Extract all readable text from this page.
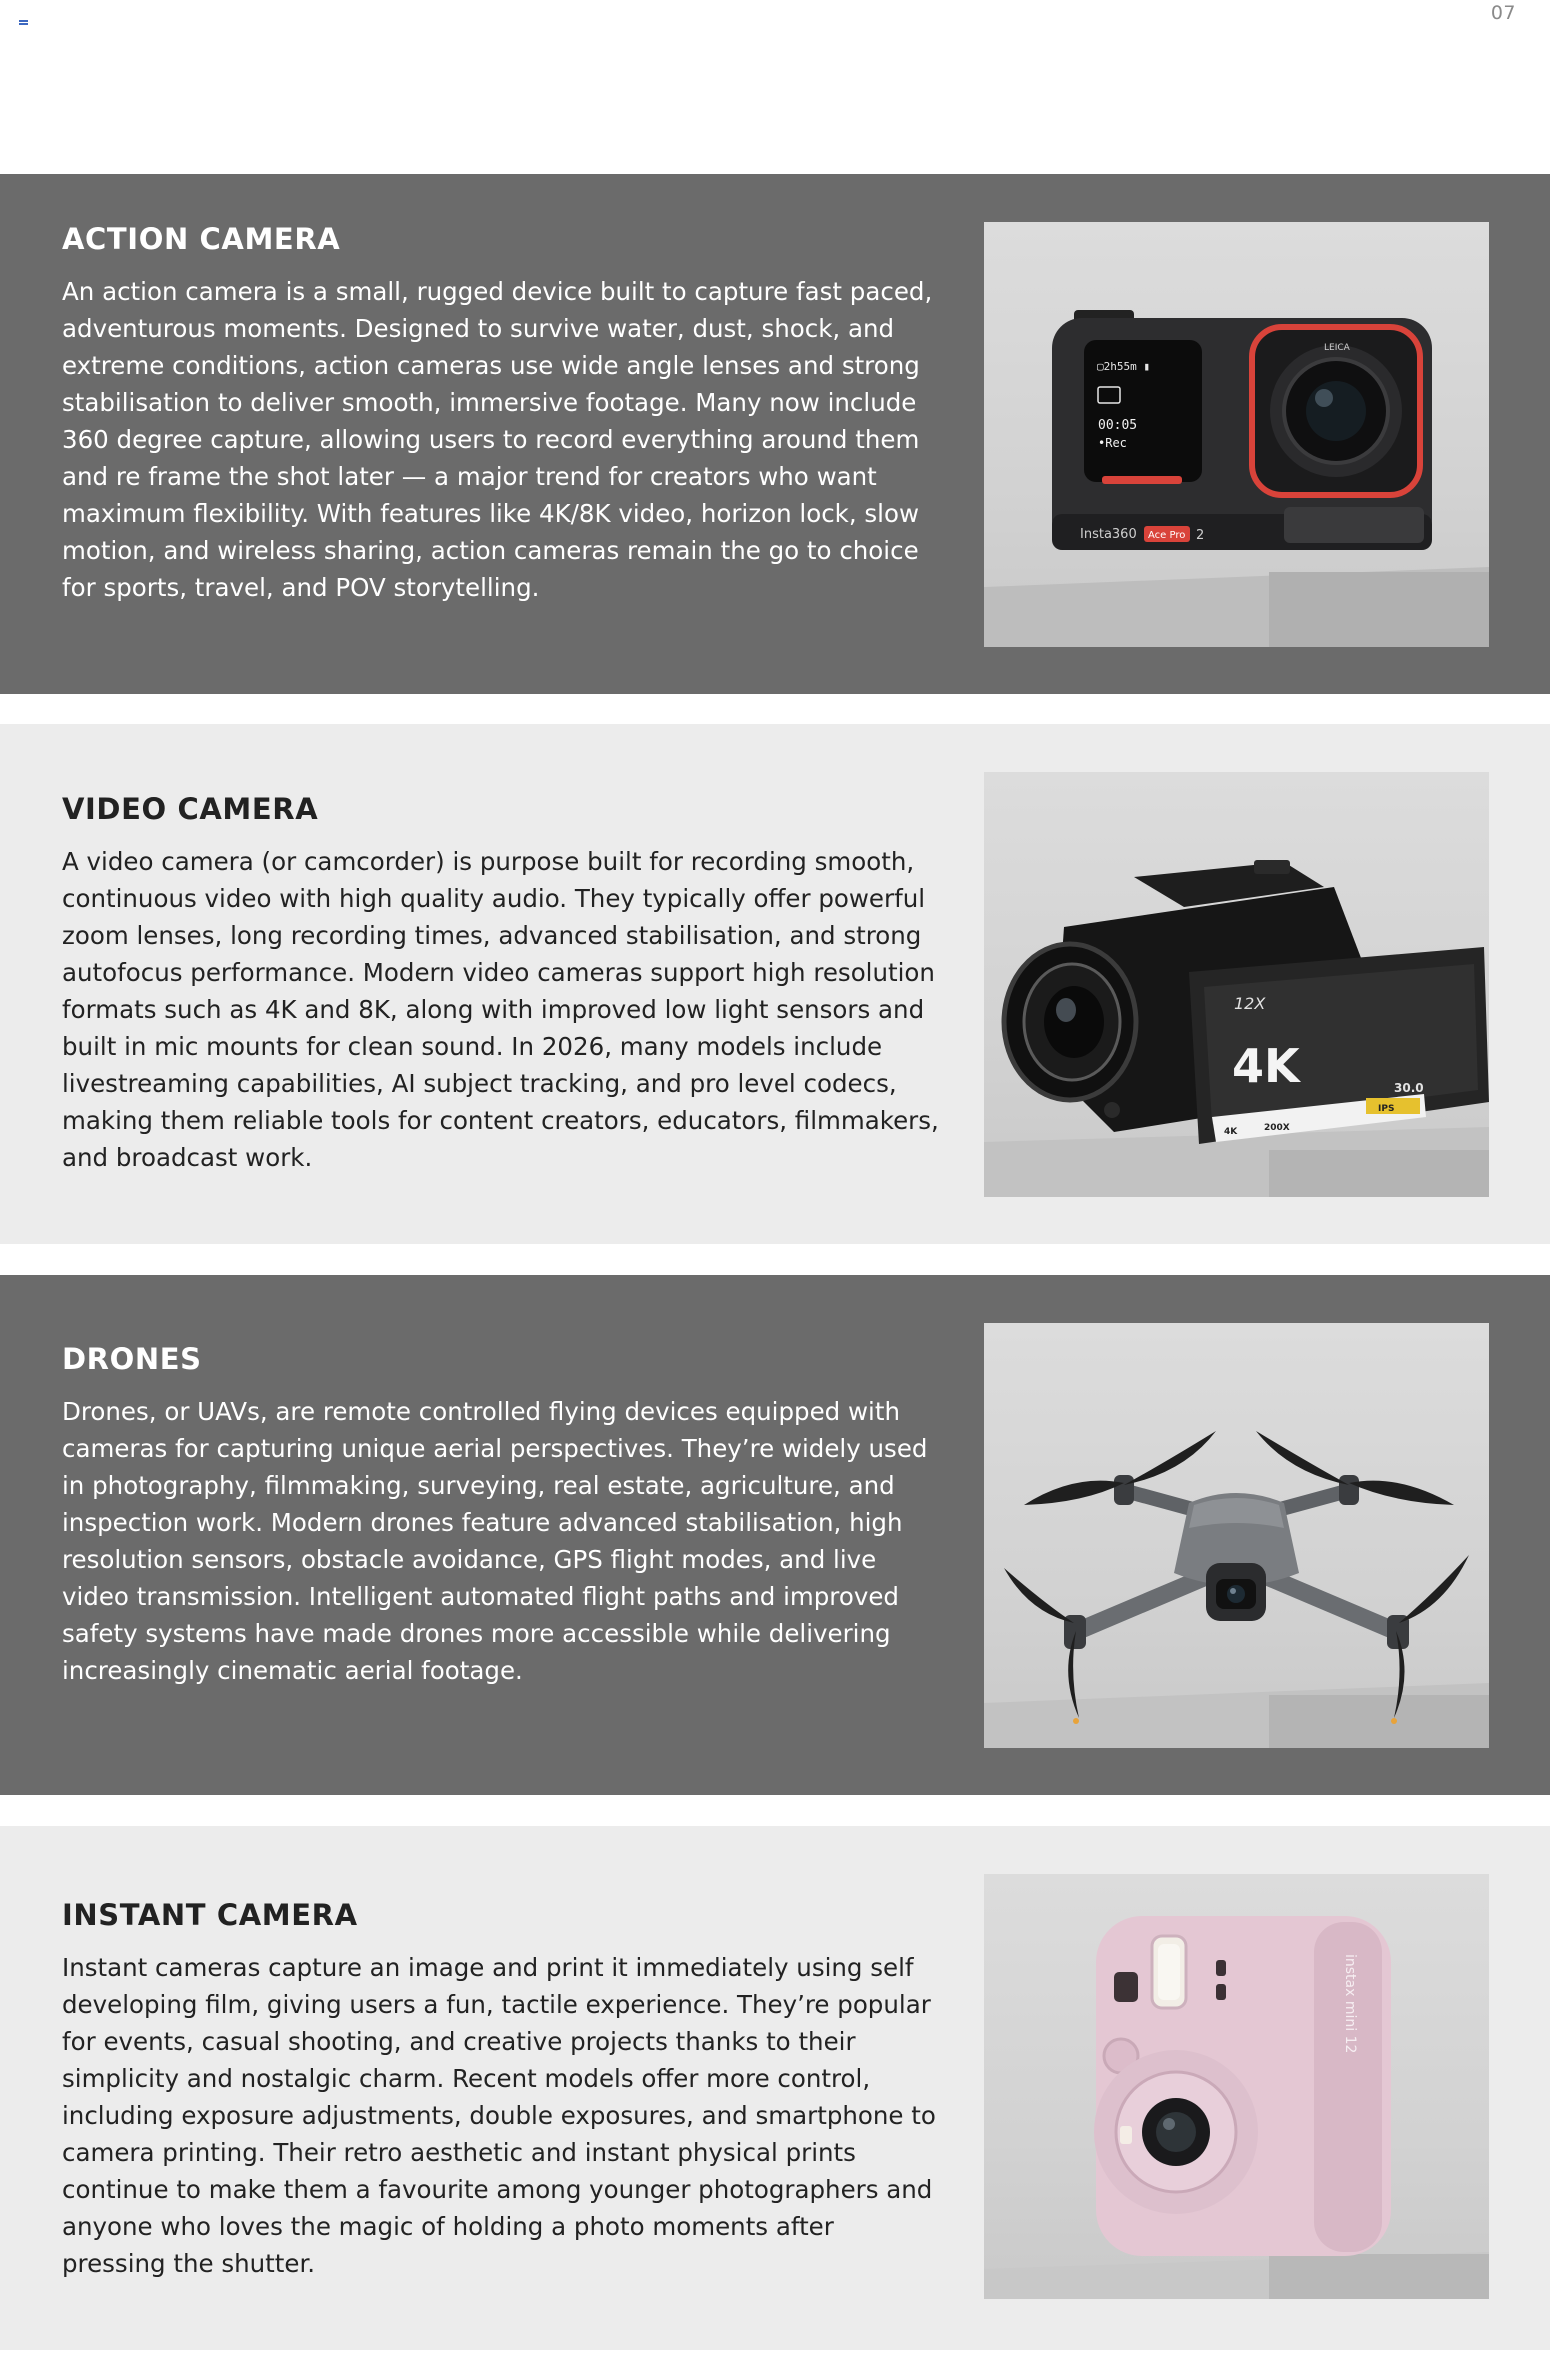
07
ACTION CAMERA

An action camera is a small, rugged device built to capture fast paced, adventurous moments. Designed to survive water, dust, shock, and extreme conditions, action cameras use wide angle lenses and strong stabilisation to deliver smooth, immersive footage. Many now include 360 degree capture, allowing users to record everything around them and re frame the shot later — a major trend for creators who want maximum flexibility. With features like 4K/8K video, horizon lock, slow motion, and wireless sharing, action cameras remain the go to choice for sports, travel, and POV storytelling.

▢2h55m ▮
00:05
•Rec
LEICA
Insta360 Ace Pro 2
VIDEO CAMERA

A video camera (or camcorder) is purpose built for recording smooth, continuous video with high quality audio. They typically offer powerful zoom lenses, long recording times, advanced stabilisation, and strong autofocus performance. Modern video cameras support high resolution formats such as 4K and 8K, along with improved low light sensors and built in mic mounts for clean sound. In 2026, many models include livestreaming capabilities, AI subject tracking, and pro level codecs, making them reliable tools for content creators, educators, filmmakers, and broadcast work.

12X
4K	30.0
4K	200X
IPS
DRONES

Drones, or UAVs, are remote controlled flying devices equipped with cameras for capturing unique aerial perspectives. They’re widely used in photography, filmmaking, surveying, real estate, agriculture, and inspection work. Modern drones feature advanced stabilisation, high resolution sensors, obstacle avoidance, GPS flight modes, and live video transmission. Intelligent automated flight paths and improved safety systems have made drones more accessible while delivering increasingly cinematic aerial footage.

INSTANT CAMERA

Instant cameras capture an image and print it immediately using self developing film, giving users a fun, tactile experience. They’re popular for events, casual shooting, and creative projects thanks to their simplicity and nostalgic charm. Recent models offer more control, including exposure adjustments, double exposures, and smartphone to camera printing. Their retro aesthetic and instant physical prints continue to make them a favourite among younger photographers and anyone who loves the magic of holding a photo moments after pressing the shutter.

instax mini 12
